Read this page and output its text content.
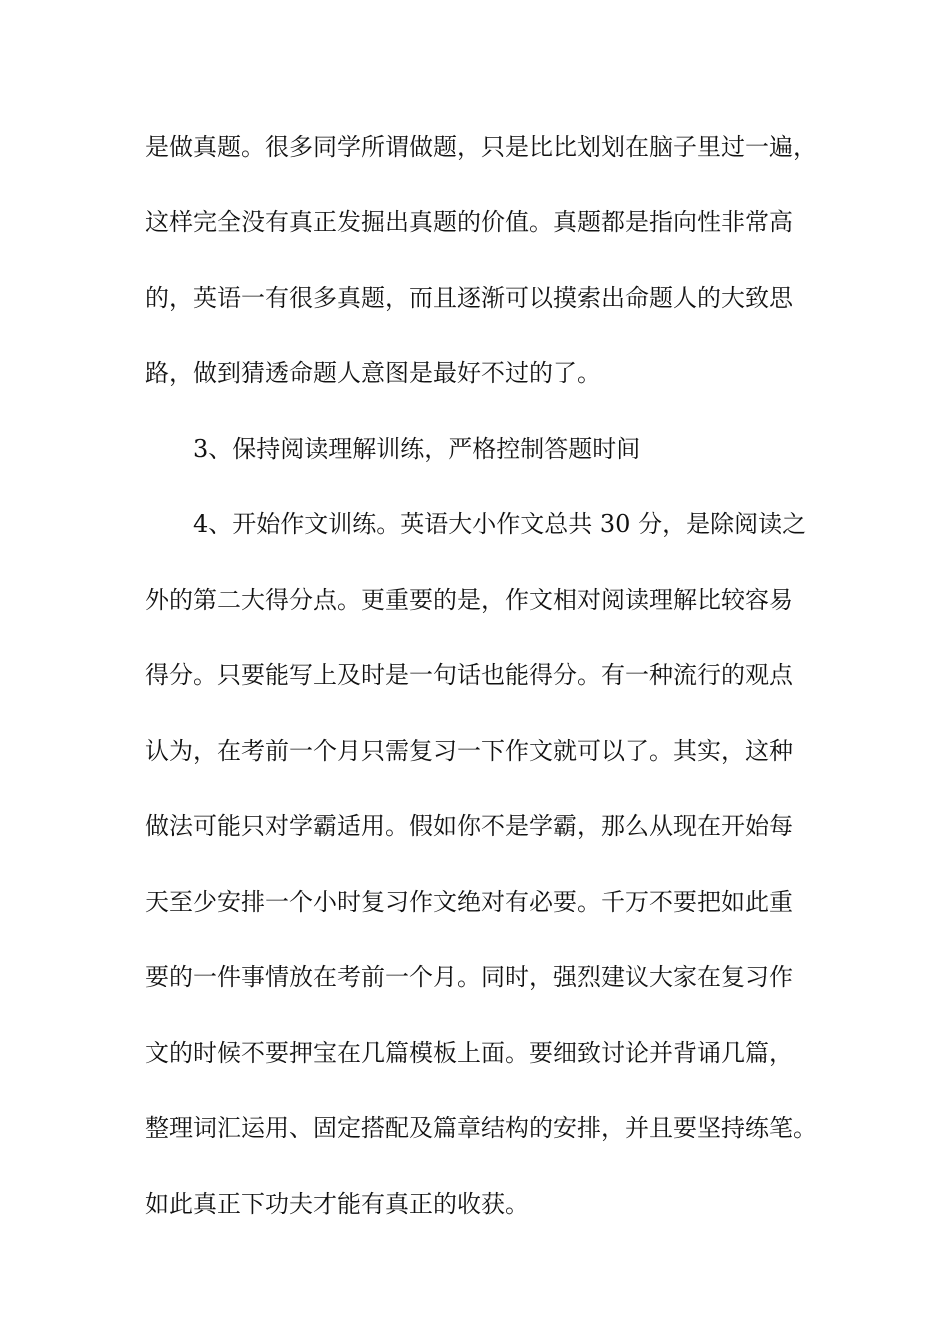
是做真题。很多同学所谓做题，只是比比划划在脑子里过一遍，
这样完全没有真正发掘出真题的价值。真题都是指向性非常高
的，英语一有很多真题，而且逐渐可以摸索出命题人的大致思
路，做到猜透命题人意图是最好不过的了。
3、保持阅读理解训练，严格控制答题时间
4、开始作文训练。英语大小作文总共 30 分，是除阅读之
外的第二大得分点。更重要的是，作文相对阅读理解比较容易
得分。只要能写上及时是一句话也能得分。有一种流行的观点
认为，在考前一个月只需复习一下作文就可以了。其实，这种
做法可能只对学霸适用。假如你不是学霸，那么从现在开始每
天至少安排一个小时复习作文绝对有必要。千万不要把如此重
要的一件事情放在考前一个月。同时，强烈建议大家在复习作
文的时候不要押宝在几篇模板上面。要细致讨论并背诵几篇，
整理词汇运用、固定搭配及篇章结构的安排，并且要坚持练笔。
如此真正下功夫才能有真正的收获。
